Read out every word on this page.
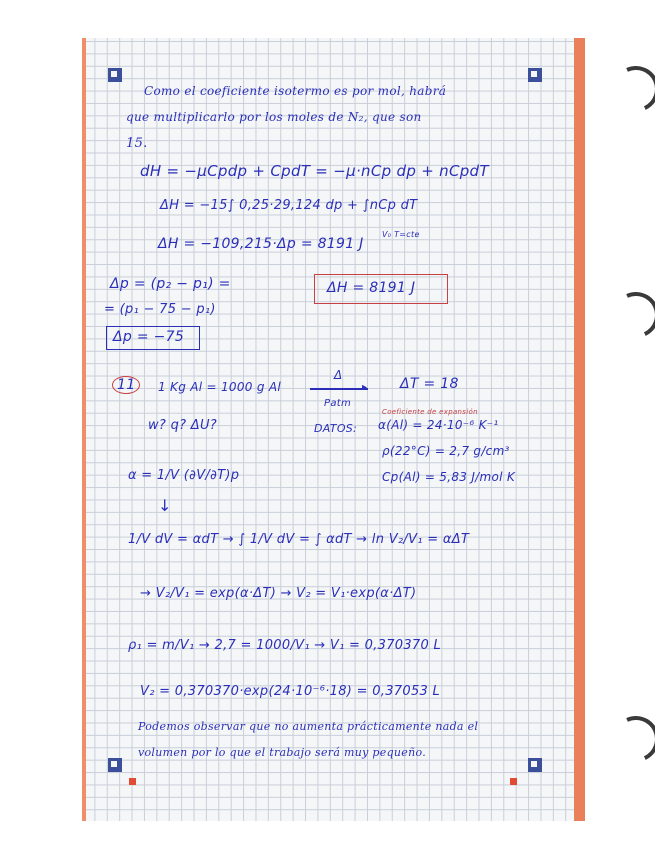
Como el coeficiente isotermo es por mol, habrá
que multiplicarlo por los moles de N₂, que son
15.
dH = −μCpdp + CpdT = −μ·nCp dp + nCpdT
ΔH = −15∫ 0,25·29,124 dp + ∫nCp dT
V₀ T=cte
ΔH = −109,215·Δp = 8191 J
Δp = (p₂ − p₁) =
= (p₁ − 75 − p₁)
Δp = −75
ΔH = 8191 J
11	1 Kg Al = 1000 g Al
Δ
▸
Patm
ΔT = 18
w? q? ΔU?	DATOS:
Coeficiente de expansión
α(Al) = 24·10⁻⁶ K⁻¹
ρ(22°C) = 2,7 g/cm³
Cp(Al) = 5,83 J/mol K
α = 1/V (∂V/∂T)p
↓
1/V dV = αdT → ∫ 1/V dV = ∫ αdT → ln V₂/V₁ = αΔT
→ V₂/V₁ = exp(α·ΔT) → V₂ = V₁·exp(α·ΔT)
ρ₁ = m/V₁ → 2,7 = 1000/V₁ → V₁ = 0,370370 L
V₂ = 0,370370·exp(24·10⁻⁶·18) = 0,37053 L
Podemos observar que no aumenta prácticamente nada el
volumen por lo que el trabajo será muy pequeño.
